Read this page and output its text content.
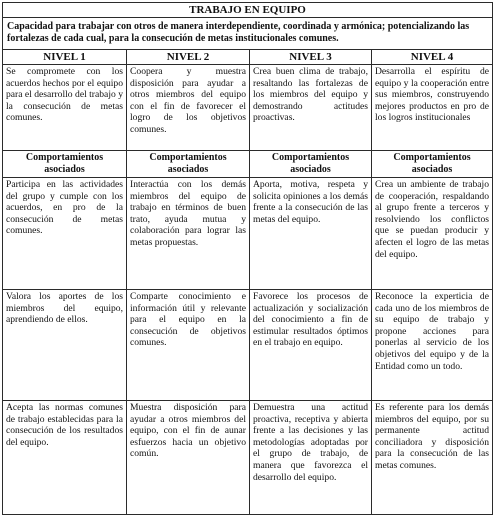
TRABAJO EN EQUIPO			
Capacidad para trabajar con otros de manera interdependiente, coordinada y armónica; potencializando las fortalezas de cada cual, para la consecución de metas institucionales comunes.			
NIVEL 1	NIVEL 2	NIVEL 3	NIVEL 4
Se compromete con los acuerdos hechos por el equipo para el desarrollo del trabajo y la consecución de metas comunes.	Coopera y muestra disposición para ayudar a otros miembros del equipo con el fin de favorecer el logro de los objetivos comunes.	Crea buen clima de trabajo, resaltando las fortalezas de los miembros del equipo y demostrando actitudes proactivas.	Desarrolla el espíritu de equipo y la cooperación entre sus miembros, construyendo mejores productos en pro de los logros institucionales
Comportamientos asociados	Comportamientos asociados	Comportamientos asociados	Comportamientos asociados
Participa en las actividades del grupo y cumple con los acuerdos, en pro de la consecución de metas comunes.	Interactúa con los demás miembros del equipo de trabajo en términos de buen trato, ayuda mutua y colaboración para lograr las metas propuestas.	Aporta, motiva, respeta y solicita opiniones a los demás frente a la consecución de las metas del equipo.	Crea un ambiente de trabajo de cooperación, respaldando al grupo frente a terceros y resolviendo los conflictos que se puedan producir y afecten el logro de las metas del equipo.
Valora los aportes de los miembros del equipo, aprendiendo de ellos.	Comparte conocimiento e información útil y relevante para el equipo en la consecución de objetivos comunes.	Favorece los procesos de actualización y socialización del conocimiento a fin de estimular resultados óptimos en el trabajo en equipo.	Reconoce la experticia de cada uno de los miembros de su equipo de trabajo y propone acciones para ponerlas al servicio de los objetivos del equipo y de la Entidad como un todo.
Acepta las normas comunes de trabajo establecidas para la consecución de los resultados del equipo.	Muestra disposición para ayudar a otros miembros del equipo, con el fin de aunar esfuerzos hacia un objetivo común.	Demuestra una actitud proactiva, receptiva y abierta frente a las decisiones y las metodologías adoptadas por el grupo de trabajo, de manera que favorezca el desarrollo del equipo.	Es referente para los demás miembros del equipo, por su permanente actitud conciliadora y disposición para la consecución de las metas comunes.
